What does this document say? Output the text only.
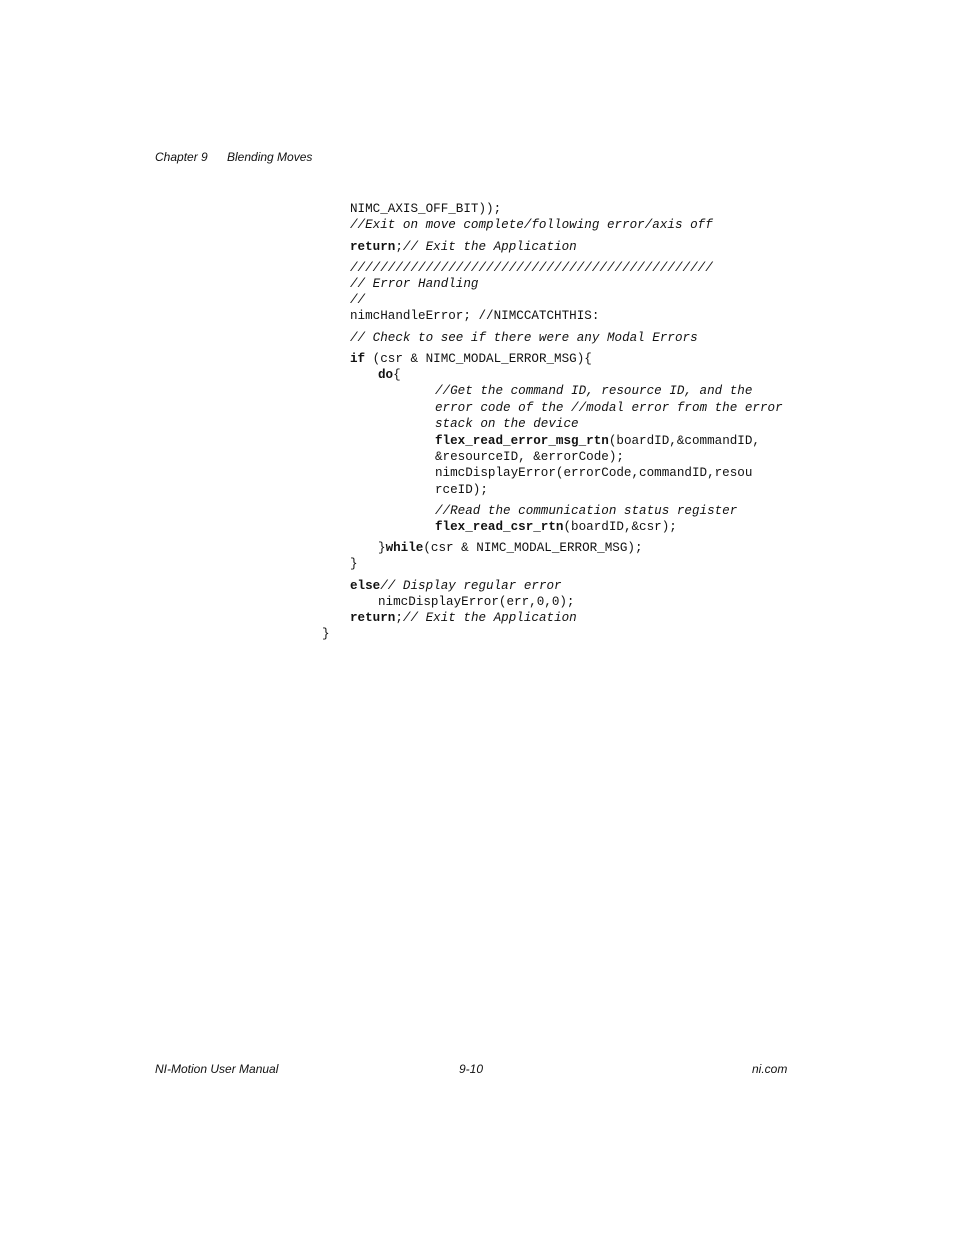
Chapter 9 Blending Moves
NIMC_AXIS_OFF_BIT));
//Exit on move complete/following error/axis off
return;// Exit the Application
////////////////////////////////////////////////
// Error Handling
//
nimcHandleError; //NIMCCATCHTHIS:
// Check to see if there were any Modal Errors
if (csr & NIMC_MODAL_ERROR_MSG){
do{
//Get the command ID, resource ID, and the
error code of the //modal error from the error
stack on the device
flex_read_error_msg_rtn(boardID,&commandID,
&resourceID, &errorCode);
nimcDisplayError(errorCode,commandID,resou
rceID);
//Read the communication status register
flex_read_csr_rtn(boardID,&csr);
}while(csr & NIMC_MODAL_ERROR_MSG);
}
else// Display regular error
nimcDisplayError(err,0,0);
return;// Exit the Application
}
NI-Motion User Manual	9-10	ni.com
